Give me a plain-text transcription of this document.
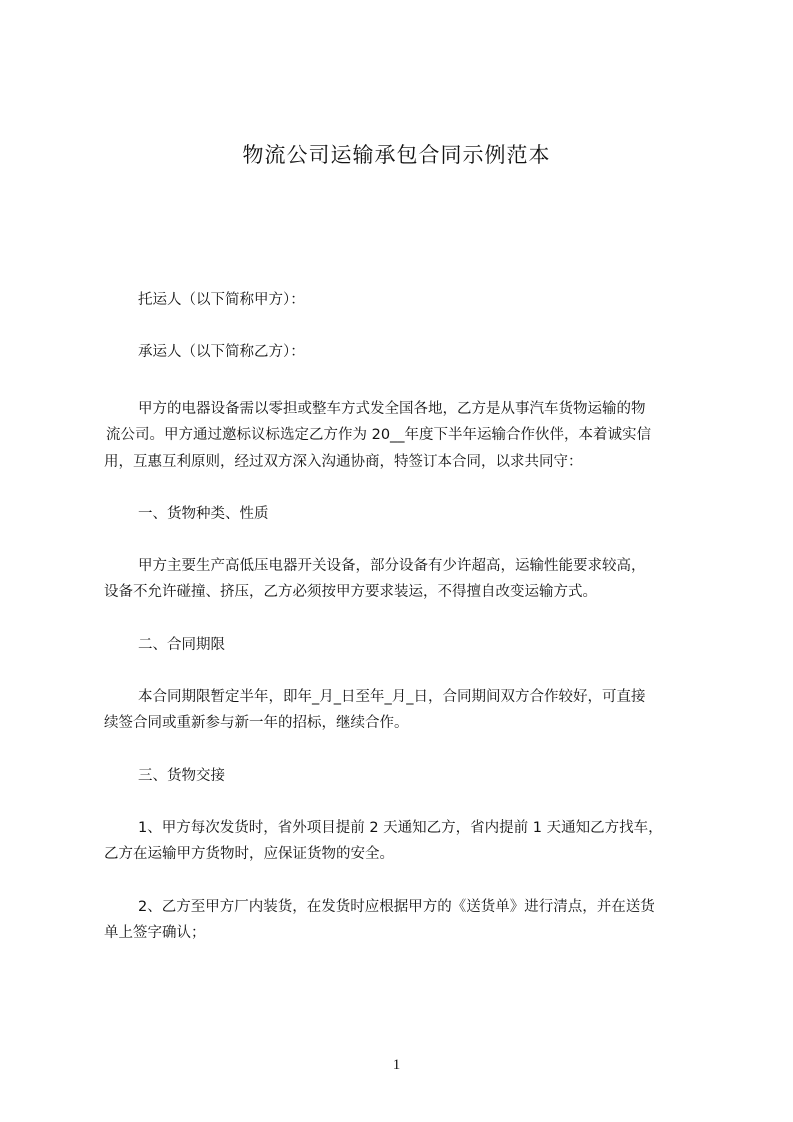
物流公司运输承包合同示例范本
托运人（以下简称甲方）：
承运人（以下简称乙方）：
甲方的电器设备需以零担或整车方式发全国各地，乙方是从事汽车货物运输的物
流公司。甲方通过邀标议标选定乙方作为 20__年度下半年运输合作伙伴，本着诚实信
用，互惠互利原则，经过双方深入沟通协商，特签订本合同，以求共同守：
一、货物种类、性质
甲方主要生产高低压电器开关设备，部分设备有少许超高，运输性能要求较高，
设备不允许碰撞、挤压，乙方必须按甲方要求装运，不得擅自改变运输方式。
二、合同期限
本合同期限暂定半年，即年_月_日至年_月_日，合同期间双方合作较好，可直接
续签合同或重新参与新一年的招标，继续合作。
三、货物交接
1、甲方每次发货时，省外项目提前 2 天通知乙方，省内提前 1 天通知乙方找车，
乙方在运输甲方货物时，应保证货物的安全。
2、乙方至甲方厂内装货，在发货时应根据甲方的《送货单》进行清点，并在送货
单上签字确认；
1
